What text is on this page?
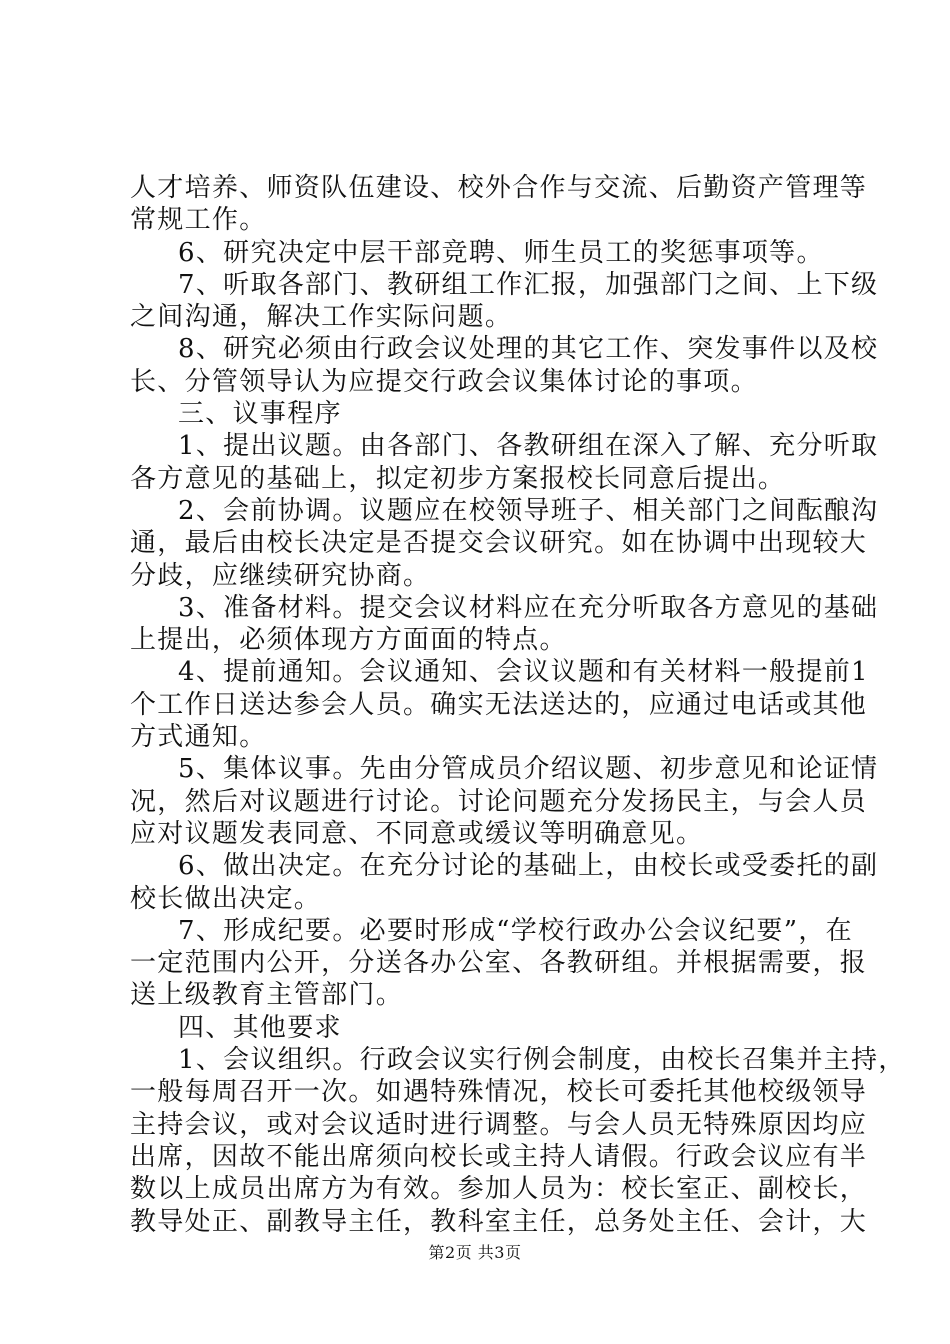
人才培养、师资队伍建设、校外合作与交流、后勤资产管理等
常规工作。
6、研究决定中层干部竞聘、师生员工的奖惩事项等。
7、听取各部门、教研组工作汇报，加强部门之间、上下级
之间沟通，解决工作实际问题。
8、研究必须由行政会议处理的其它工作、突发事件以及校
长、分管领导认为应提交行政会议集体讨论的事项。
三、议事程序
1、提出议题。由各部门、各教研组在深入了解、充分听取
各方意见的基础上，拟定初步方案报校长同意后提出。
2、会前协调。议题应在校领导班子、相关部门之间酝酿沟
通，最后由校长决定是否提交会议研究。如在协调中出现较大
分歧，应继续研究协商。
3、准备材料。提交会议材料应在充分听取各方意见的基础
上提出，必须体现方方面面的特点。
4、提前通知。会议通知、会议议题和有关材料一般提前1
个工作日送达参会人员。确实无法送达的，应通过电话或其他
方式通知。
5、集体议事。先由分管成员介绍议题、初步意见和论证情
况，然后对议题进行讨论。讨论问题充分发扬民主，与会人员
应对议题发表同意、不同意或缓议等明确意见。
6、做出决定。在充分讨论的基础上，由校长或受委托的副
校长做出决定。
7、形成纪要。必要时形成“学校行政办公会议纪要”，在
一定范围内公开，分送各办公室、各教研组。并根据需要，报
送上级教育主管部门。
四、其他要求
1、会议组织。行政会议实行例会制度，由校长召集并主持，
一般每周召开一次。如遇特殊情况，校长可委托其他校级领导
主持会议，或对会议适时进行调整。与会人员无特殊原因均应
出席，因故不能出席须向校长或主持人请假。行政会议应有半
数以上成员出席方为有效。参加人员为：校长室正、副校长，
教导处正、副教导主任，教科室主任，总务处主任、会计，大
第2页 共3页
